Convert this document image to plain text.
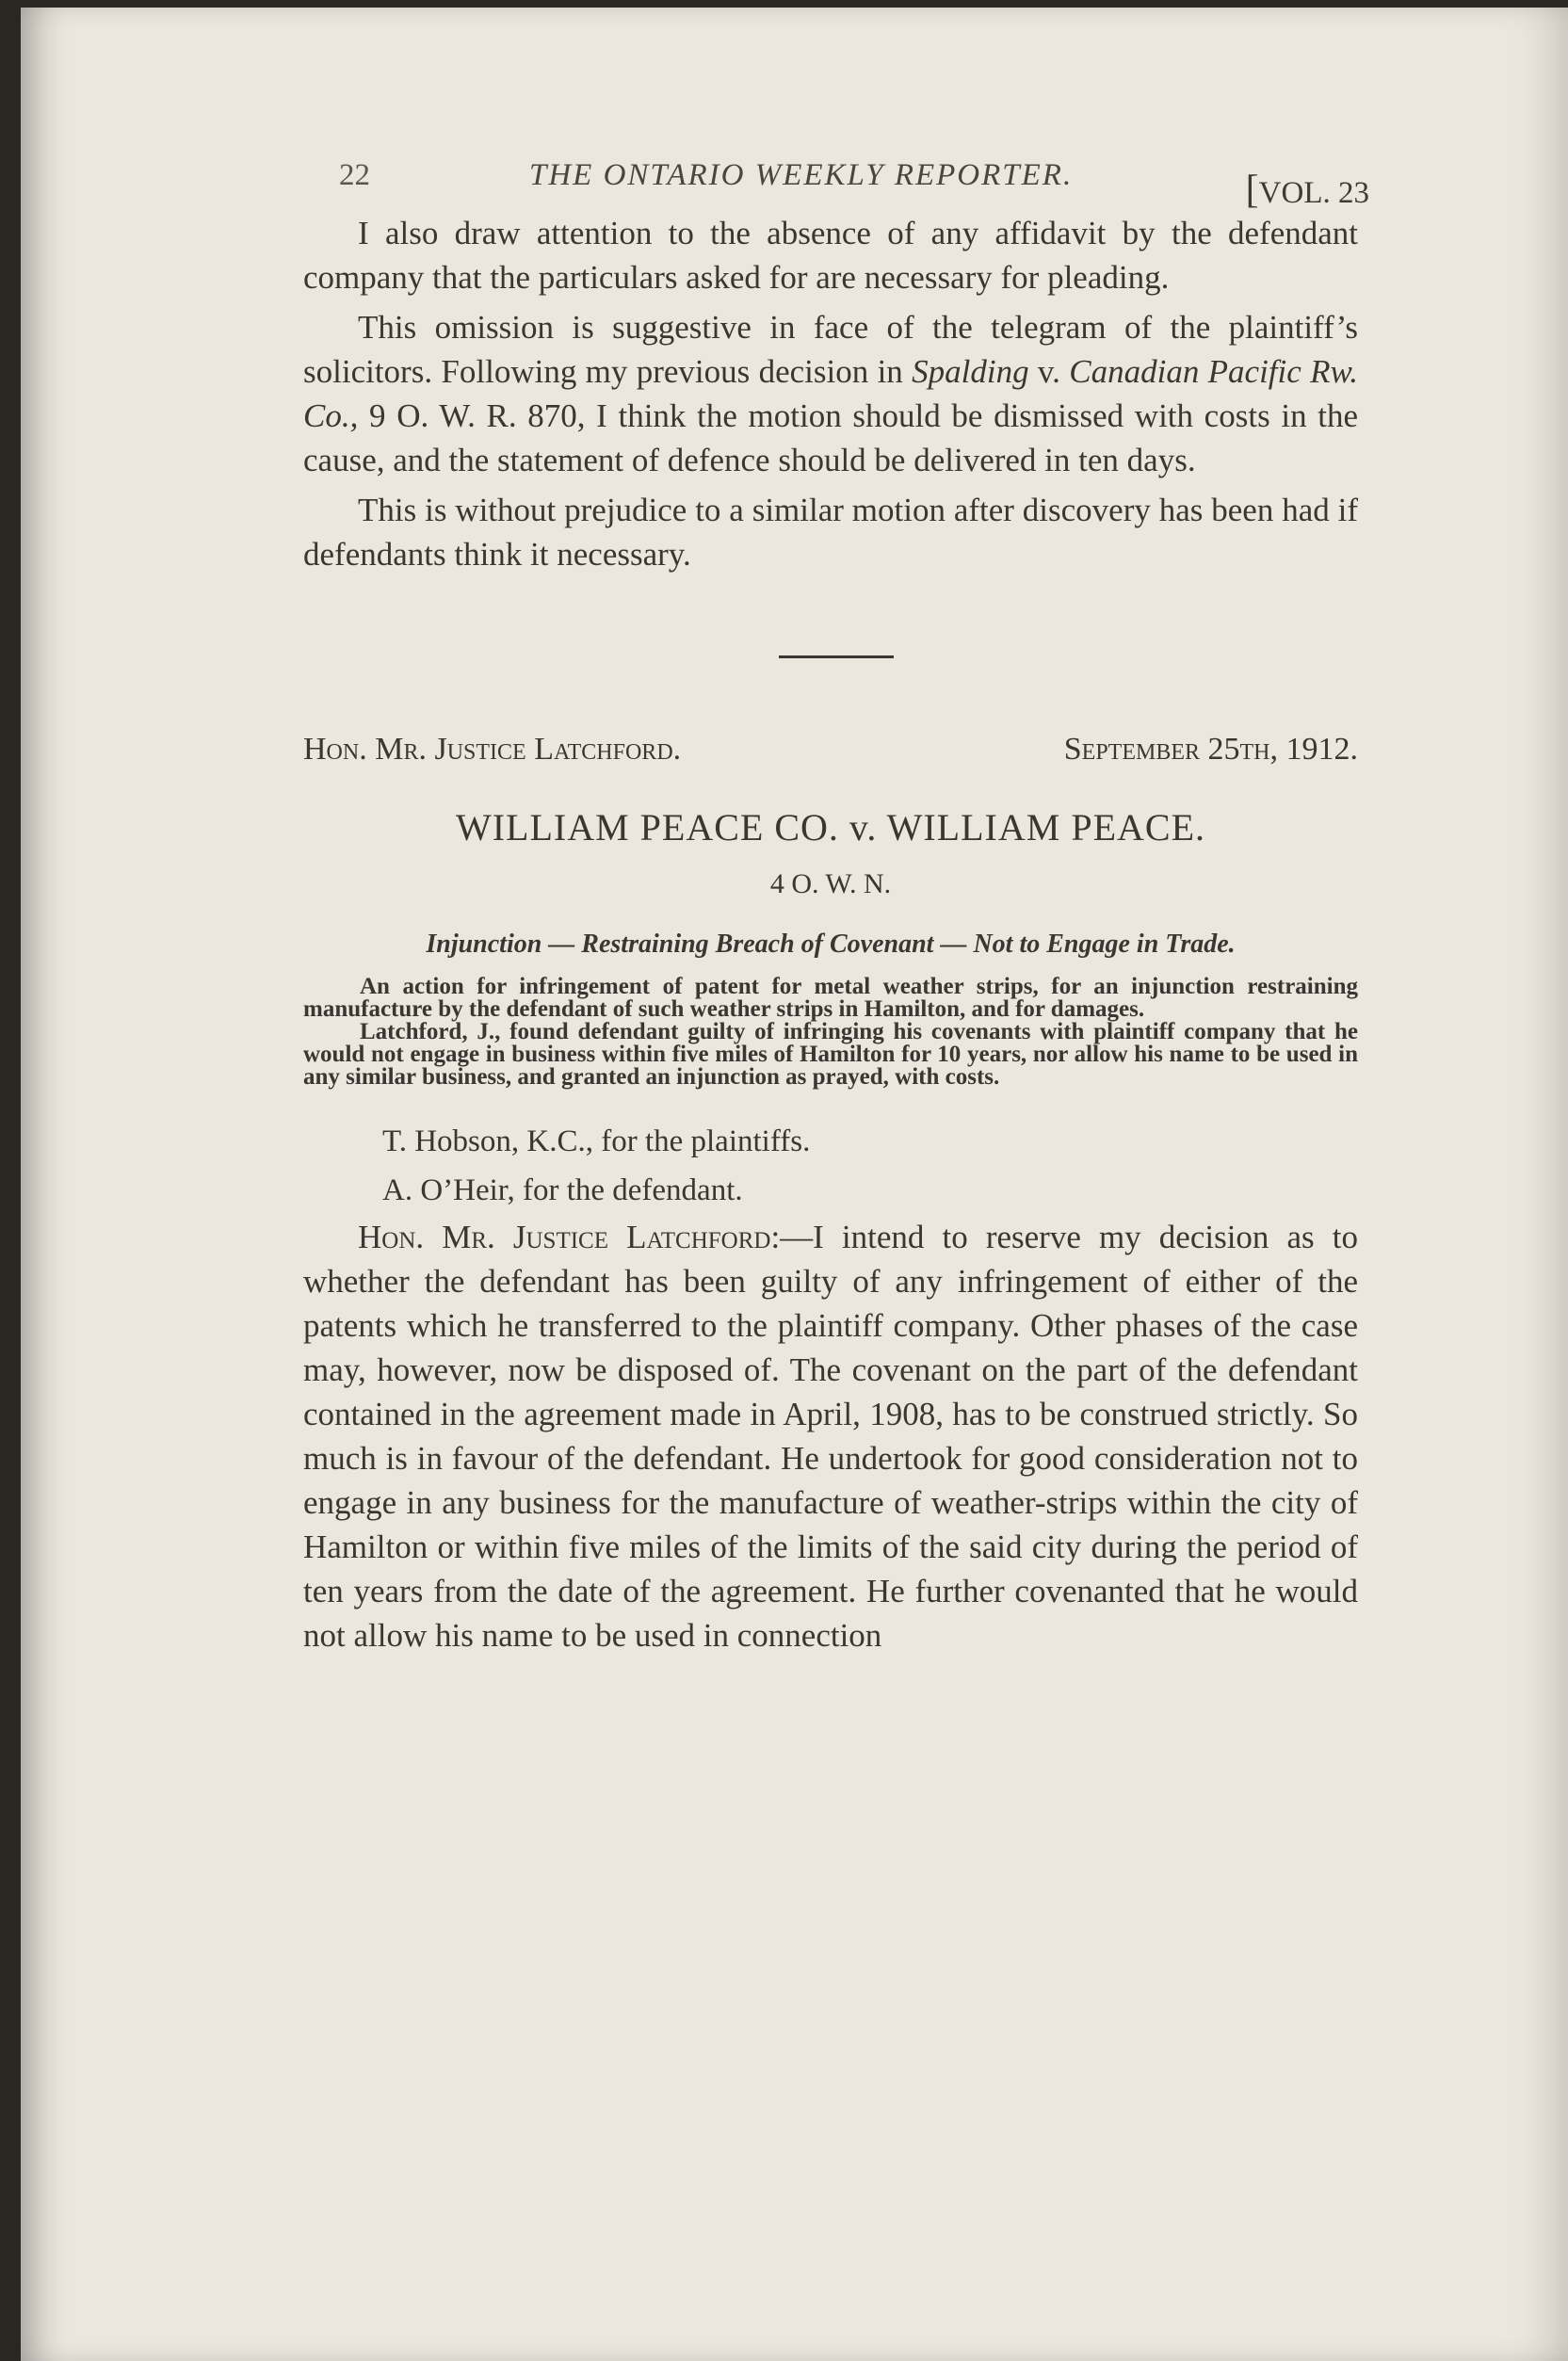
22	THE ONTARIO WEEKLY REPORTER.	[VOL. 23

I also draw attention to the absence of any affidavit by the defendant company that the particulars asked for are necessary for pleading.

This omission is suggestive in face of the telegram of the plaintiff’s solicitors. Following my previous decision in Spalding v. Canadian Pacific Rw. Co., 9 O. W. R. 870, I think the motion should be dismissed with costs in the cause, and the statement of defence should be delivered in ten days.

This is without prejudice to a similar motion after discovery has been had if defendants think it necessary.

Hon. Mr. Justice Latchford.	September 25th, 1912.
WILLIAM PEACE CO. v. WILLIAM PEACE.
4 O. W. N.
Injunction — Restraining Breach of Covenant — Not to Engage in Trade.

An action for infringement of patent for metal weather strips, for an injunction restraining manufacture by the defendant of such weather strips in Hamilton, and for damages.

Latchford, J., found defendant guilty of infringing his covenants with plaintiff company that he would not engage in business within five miles of Hamilton for 10 years, nor allow his name to be used in any similar business, and granted an injunction as prayed, with costs.

T. Hobson, K.C., for the plaintiffs.
A. O’Heir, for the defendant.

Hon. Mr. Justice Latchford:—I intend to reserve my decision as to whether the defendant has been guilty of any infringement of either of the patents which he transferred to the plaintiff company. Other phases of the case may, however, now be disposed of. The covenant on the part of the defendant contained in the agreement made in April, 1908, has to be construed strictly. So much is in favour of the defendant. He undertook for good consideration not to engage in any business for the manufacture of weather-strips within the city of Hamilton or within five miles of the limits of the said city during the period of ten years from the date of the agreement. He further covenanted that he would not allow his name to be used in connection
